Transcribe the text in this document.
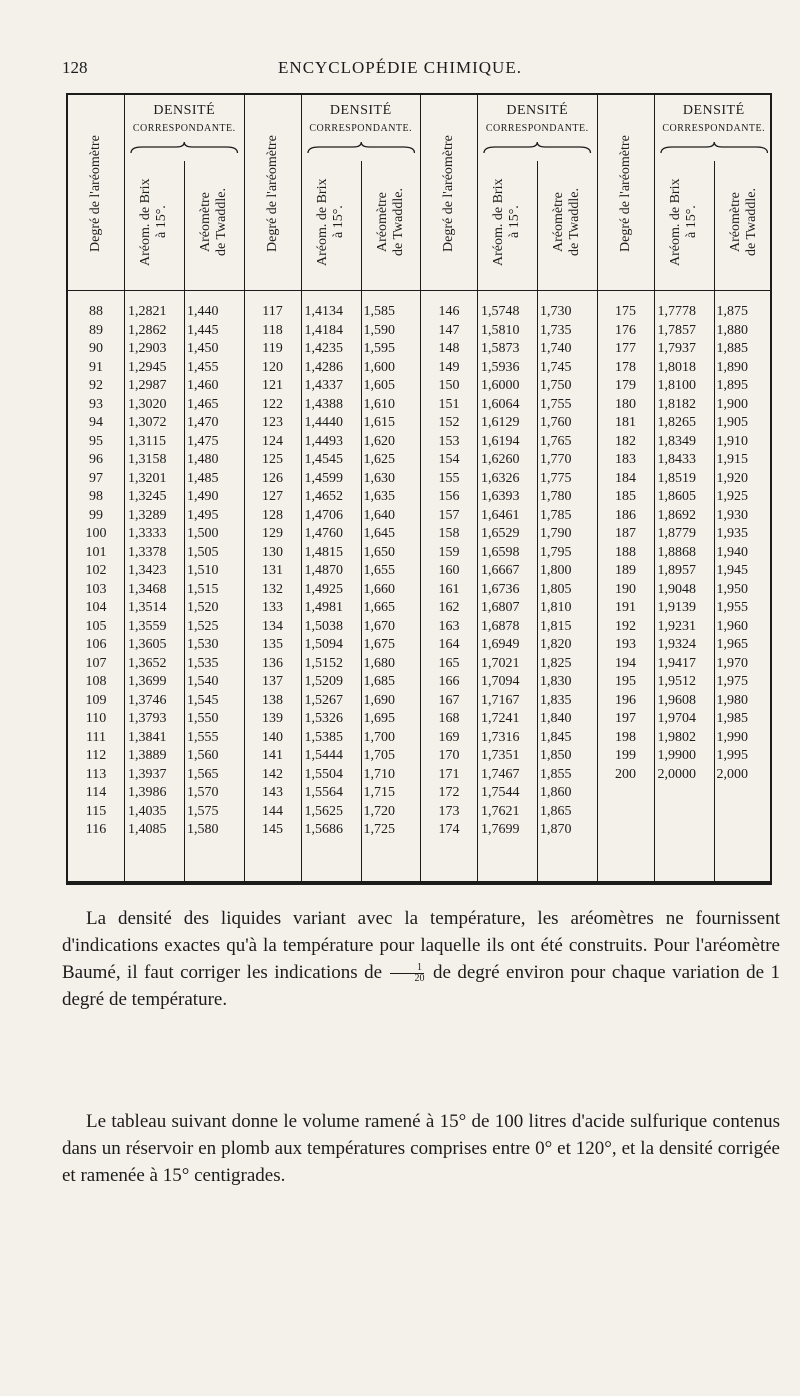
128	ENCYCLOPÉDIE CHIMIQUE.
Degré de l'aréomètre
DENSITÉ
CORRESPONDANTE.
Aréom. de Brix
à 15°. Aréomètre
de Twaddle.
88
89
90
91
92
93
94
95
96
97
98
99
100
101
102
103
104
105
106
107
108
109
110
111
112
113
114
115
116
1,2821
1,2862
1,2903
1,2945
1,2987
1,3020
1,3072
1,3115
1,3158
1,3201
1,3245
1,3289
1,3333
1,3378
1,3423
1,3468
1,3514
1,3559
1,3605
1,3652
1,3699
1,3746
1,3793
1,3841
1,3889
1,3937
1,3986
1,4035
1,4085
1,440
1,445
1,450
1,455
1,460
1,465
1,470
1,475
1,480
1,485
1,490
1,495
1,500
1,505
1,510
1,515
1,520
1,525
1,530
1,535
1,540
1,545
1,550
1,555
1,560
1,565
1,570
1,575
1,580
Degré de l'aréomètre
DENSITÉ
CORRESPONDANTE.
Aréom. de Brix
à 15°. Aréomètre
de Twaddle.
117
118
119
120
121
122
123
124
125
126
127
128
129
130
131
132
133
134
135
136
137
138
139
140
141
142
143
144
145
1,4134
1,4184
1,4235
1,4286
1,4337
1,4388
1,4440
1,4493
1,4545
1,4599
1,4652
1,4706
1,4760
1,4815
1,4870
1,4925
1,4981
1,5038
1,5094
1,5152
1,5209
1,5267
1,5326
1,5385
1,5444
1,5504
1,5564
1,5625
1,5686
1,585
1,590
1,595
1,600
1,605
1,610
1,615
1,620
1,625
1,630
1,635
1,640
1,645
1,650
1,655
1,660
1,665
1,670
1,675
1,680
1,685
1,690
1,695
1,700
1,705
1,710
1,715
1,720
1,725
Degré de l'aréomètre
DENSITÉ
CORRESPONDANTE.
Aréom. de Brix
à 15°. Aréomètre
de Twaddle.
146
147
148
149
150
151
152
153
154
155
156
157
158
159
160
161
162
163
164
165
166
167
168
169
170
171
172
173
174
1,5748
1,5810
1,5873
1,5936
1,6000
1,6064
1,6129
1,6194
1,6260
1,6326
1,6393
1,6461
1,6529
1,6598
1,6667
1,6736
1,6807
1,6878
1,6949
1,7021
1,7094
1,7167
1,7241
1,7316
1,7351
1,7467
1,7544
1,7621
1,7699
1,730
1,735
1,740
1,745
1,750
1,755
1,760
1,765
1,770
1,775
1,780
1,785
1,790
1,795
1,800
1,805
1,810
1,815
1,820
1,825
1,830
1,835
1,840
1,845
1,850
1,855
1,860
1,865
1,870
Degré de l'aréomètre
DENSITÉ
CORRESPONDANTE.
Aréom. de Brix
à 15°. Aréomètre
de Twaddle.
175
176
177
178
179
180
181
182
183
184
185
186
187
188
189
190
191
192
193
194
195
196
197
198
199
200
1,7778
1,7857
1,7937
1,8018
1,8100
1,8182
1,8265
1,8349
1,8433
1,8519
1,8605
1,8692
1,8779
1,8868
1,8957
1,9048
1,9139
1,9231
1,9324
1,9417
1,9512
1,9608
1,9704
1,9802
1,9900
2,0000
1,875
1,880
1,885
1,890
1,895
1,900
1,905
1,910
1,915
1,920
1,925
1,930
1,935
1,940
1,945
1,950
1,955
1,960
1,965
1,970
1,975
1,980
1,985
1,990
1,995
2,000

La densité des liquides variant avec la température, les aréomètres ne fournissent d'indications exactes qu'à la température pour laquelle ils ont été construits. Pour l'aréomètre Baumé, il faut corriger les indications de $\frac{1}{20}$ de degré environ pour chaque variation de 1 degré de température.

Le tableau suivant donne le volume ramené à 15° de 100 litres d'acide sulfurique contenus dans un réservoir en plomb aux températures comprises entre 0° et 120°, et la densité corrigée et ramenée à 15° centigrades.
